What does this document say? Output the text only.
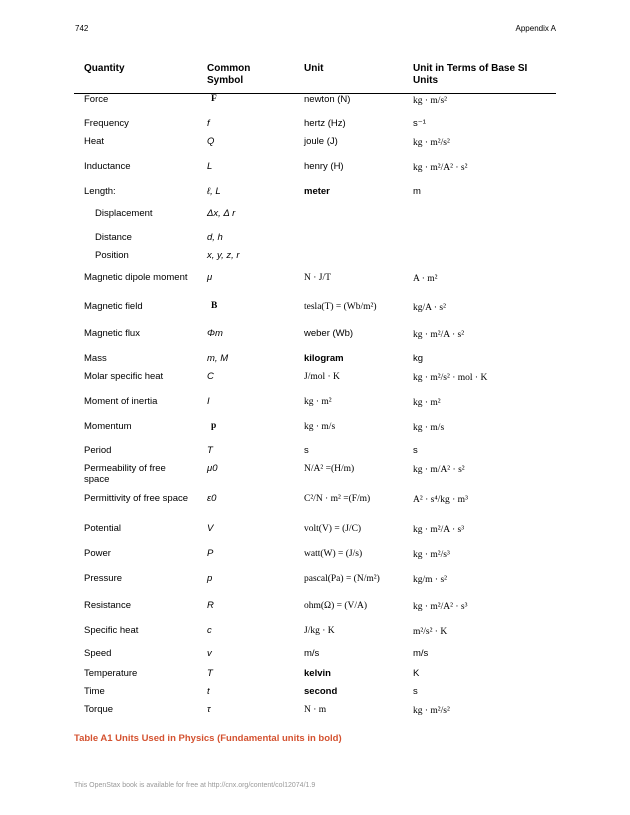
742	Appendix A
Quantity	Common Symbol	Unit	Unit in Terms of Base SI Units
Force	F	newton (N)	kg · m/s²
Frequency	f	hertz (Hz)	s⁻¹
Heat	Q	joule (J)	kg · m²/s²
Inductance	L	henry (H)	kg · m²/A² · s²
Length:	ℓ, L	meter	m
Displacement	Δx, Δ r		
Distance	d, h		
Position	x, y, z, r		
Magnetic dipole moment	μ	N · J/T	A · m²
Magnetic field	B	tesla(T) = (Wb/m²)	kg/A · s²
Magnetic flux	Φm	weber (Wb)	kg · m²/A · s²
Mass	m, M	kilogram	kg
Molar specific heat	C	J/mol · K	kg · m²/s² · mol · K
Moment of inertia	I	kg · m²	kg · m²
Momentum	p	kg · m/s	kg · m/s
Period	T	s	s
Permeability of free space	μ0	N/A² =(H/m)	kg · m/A² · s²
Permittivity of free space	ε0	C²/N · m² =(F/m)	A² · s⁴/kg · m³
Potential	V	volt(V) = (J/C)	kg · m²/A · s³
Power	P	watt(W) = (J/s)	kg · m²/s³
Pressure	p	pascal(Pa) = (N/m²)	kg/m · s²
Resistance	R	ohm(Ω) = (V/A)	kg · m²/A² · s³
Specific heat	c	J/kg · K	m²/s² · K
Speed	v	m/s	m/s
Temperature	T	kelvin	K
Time	t	second	s
Torque	τ	N · m	kg · m²/s²
Table A1 Units Used in Physics (Fundamental units in bold)
This OpenStax book is available for free at http://cnx.org/content/col12074/1.9
